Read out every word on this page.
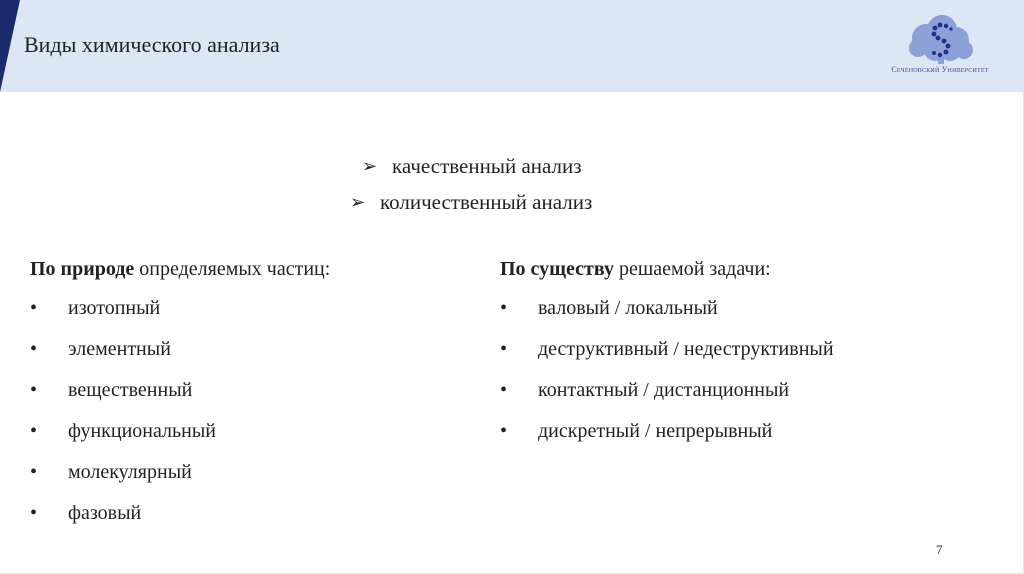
Виды химического анализа
Сеченовский Университет
➢ качественный анализ
➢ количественный анализ
По природе определяемых частиц:
•	изотопный
•	элементный
•	вещественный
•	функциональный
•	молекулярный
•	фазовый
По существу решаемой задачи:
•	валовый / локальный
•	деструктивный / недеструктивный
•	контактный / дистанционный
•	дискретный / непрерывный
7
